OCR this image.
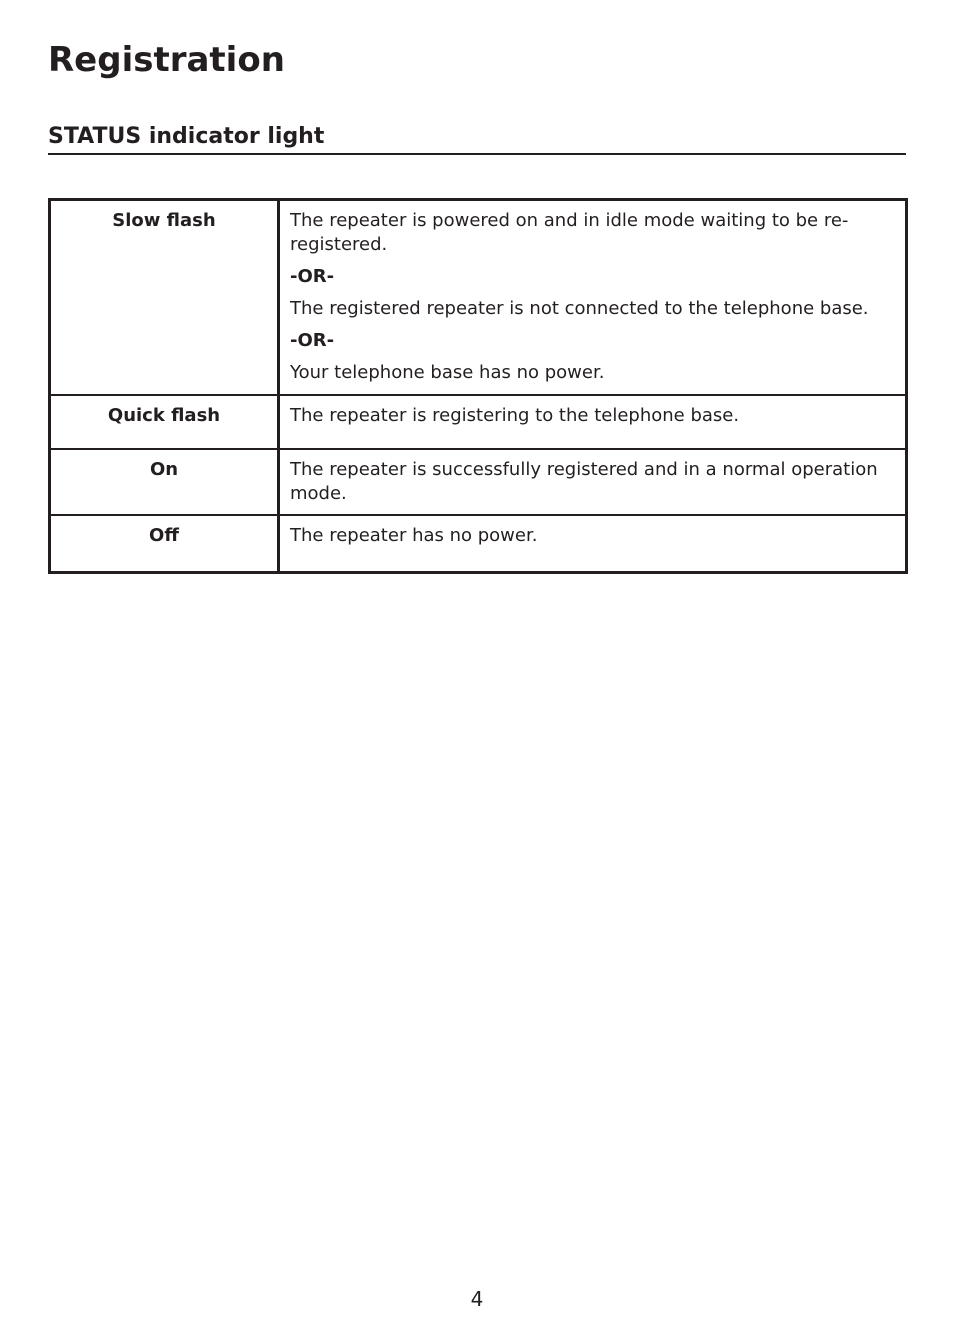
Registration
STATUS indicator light
Slow flash	The repeater is powered on and in idle mode waiting to be re-registered.

-OR-

The registered repeater is not connected to the telephone base.

-OR-

Your telephone base has no power.

Quick flash	The repeater is registering to the telephone base.

On	The repeater is successfully registered and in a normal operation mode.

Off	The repeater has no power.

4
